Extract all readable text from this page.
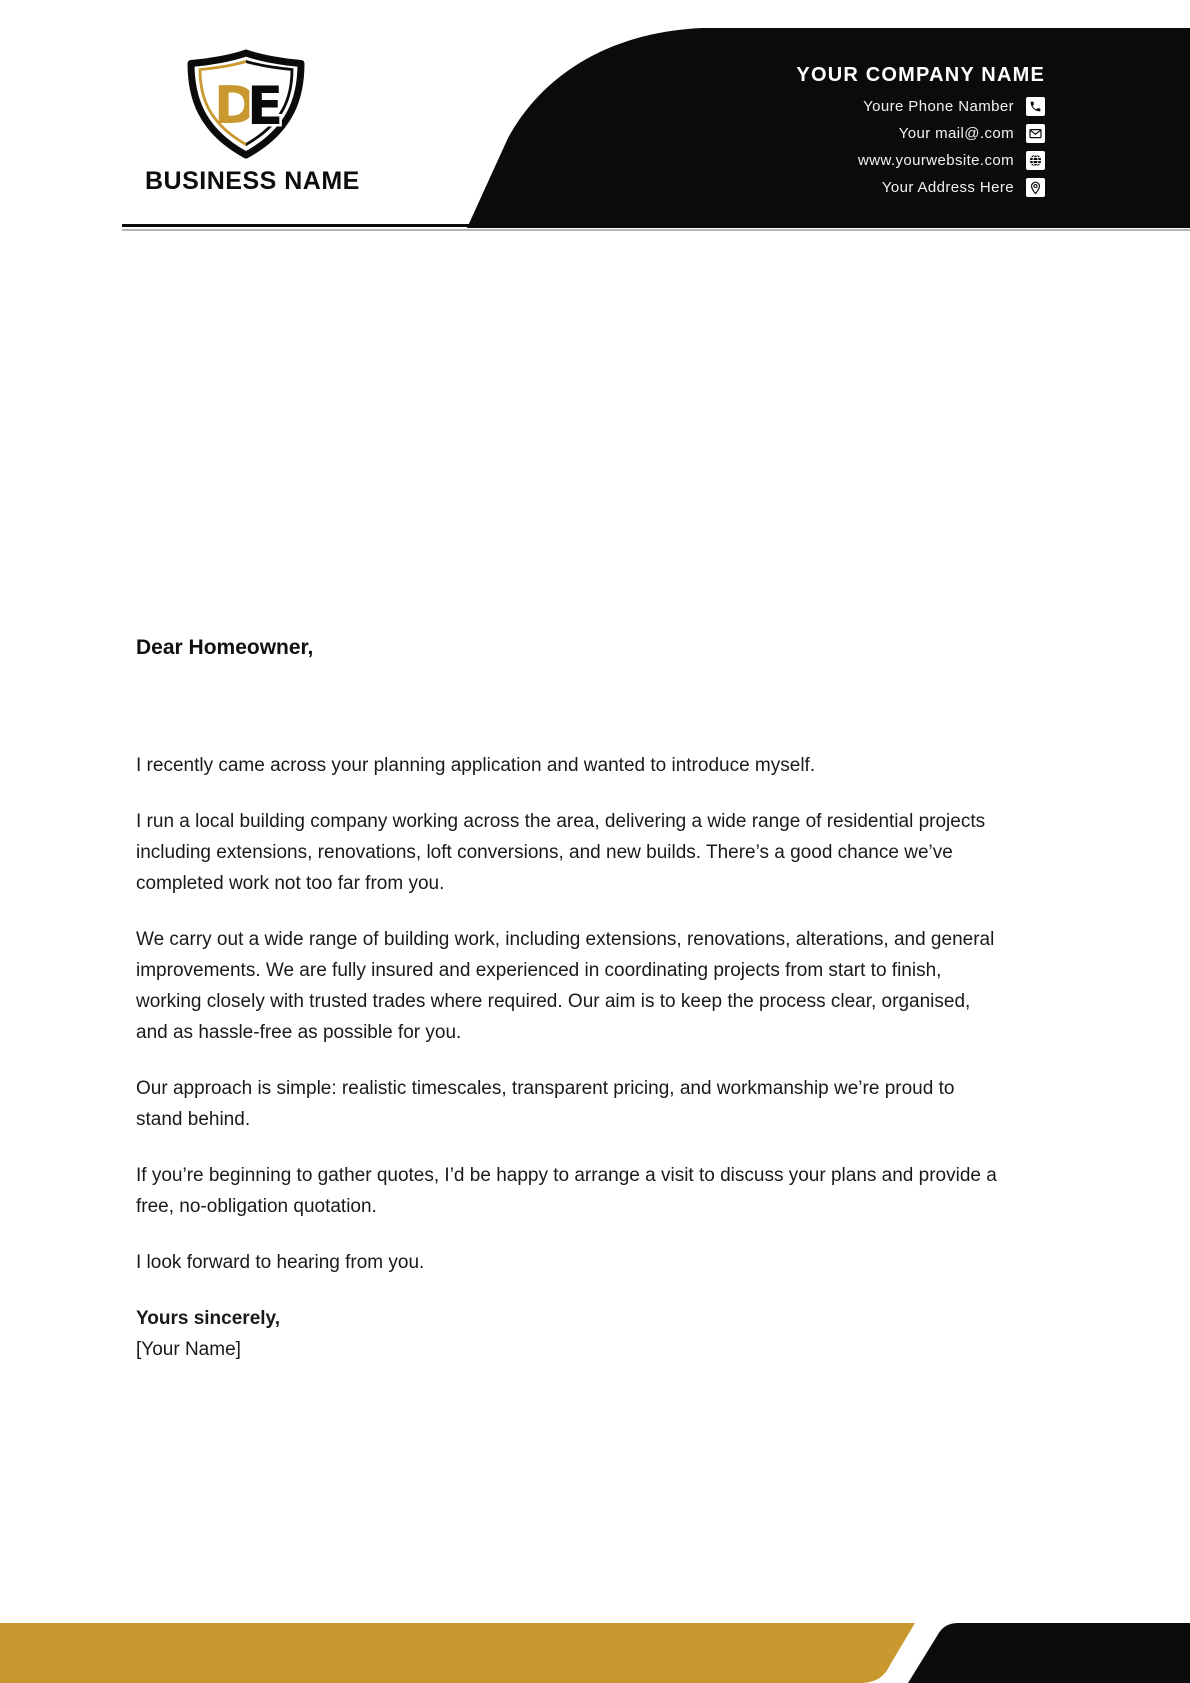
D
E
BUSINESS NAME
YOUR COMPANY NAME
Youre Phone Namber
Your mail@.com
www.yourwebsite.com
Your Address Here

Dear Homeowner,

I recently came across your planning application and wanted to introduce myself.

I run a local building company working across the area, delivering a wide range of residential projects including extensions, renovations, loft conversions, and new builds. There’s a good chance we’ve completed work not too far from you.

We carry out a wide range of building work, including extensions, renovations, alterations, and general improvements. We are fully insured and experienced in coordinating projects from start to finish, working closely with trusted trades where required. Our aim is to keep the process clear, organised, and as hassle-free as possible for you.

Our approach is simple: realistic timescales, transparent pricing, and workmanship we’re proud to stand behind.

If you’re beginning to gather quotes, I’d be happy to arrange a visit to discuss your plans and provide a free, no-obligation quotation.

I look forward to hearing from you.

Yours sincerely,

[Your Name]
